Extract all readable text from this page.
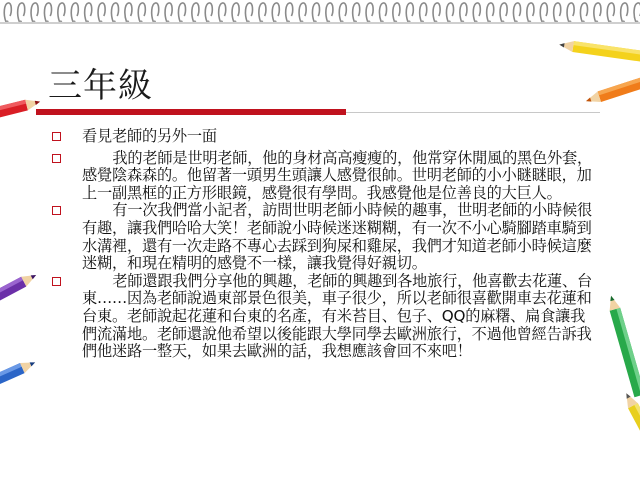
三年級
看見老師的另外一面
我的老師是世明老師，他的身材高高瘦瘦的，他常穿休閒風的黑色外套，感覺陰森森的。他留著一頭男生頭讓人感覺很帥。世明老師的小小瞇瞇眼，加上一副黑框的正方形眼鏡，感覺很有學問。我感覺他是位善良的大巨人。
有一次我們當小記者，訪問世明老師小時候的趣事，世明老師的小時候很有趣，讓我們哈哈大笑！老師說小時候迷迷糊糊，有一次不小心騎腳踏車騎到水溝裡，還有一次走路不專心去踩到狗屎和雞屎，我們才知道老師小時候這麼迷糊，和現在精明的感覺不一樣，讓我覺得好親切。
老師還跟我們分享他的興趣，老師的興趣到各地旅行，他喜歡去花蓮、台東……因為老師說過東部景色很美，車子很少，所以老師很喜歡開車去花蓮和台東。老師說起花蓮和台東的名產，有米苔目、包子、QQ的麻糬、扁食讓我們流滿地。老師還說他希望以後能跟大學同學去歐洲旅行，不過他曾經告訴我們他迷路一整天，如果去歐洲的話，我想應該會回不來吧！
